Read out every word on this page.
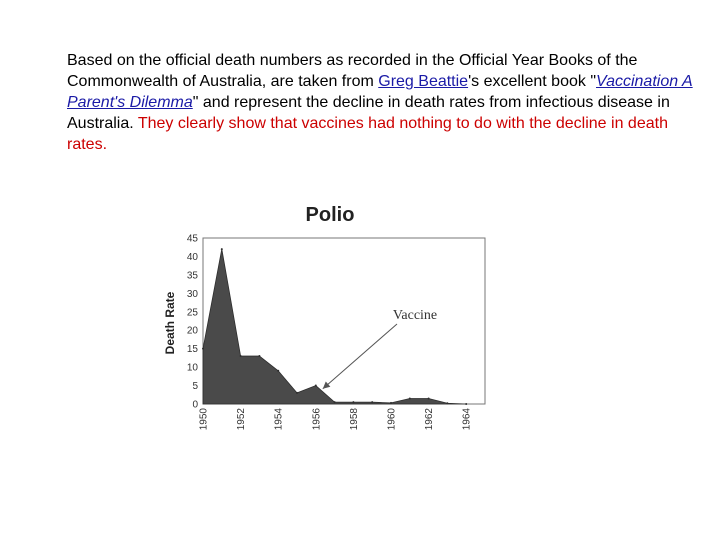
Based on the official death numbers as recorded in the Official Year Books of the Commonwealth of Australia, are taken from Greg Beattie's excellent book "Vaccination A Parent's Dilemma" and represent the decline in death rates from infectious disease in Australia. They clearly show that vaccines had nothing to do with the decline in death rates.
Polio
Death Rate
0
5
10
15
20
25
30
35
40
45
1950	1952	1954	1956	1958	1960	1962	1964
Vaccine
